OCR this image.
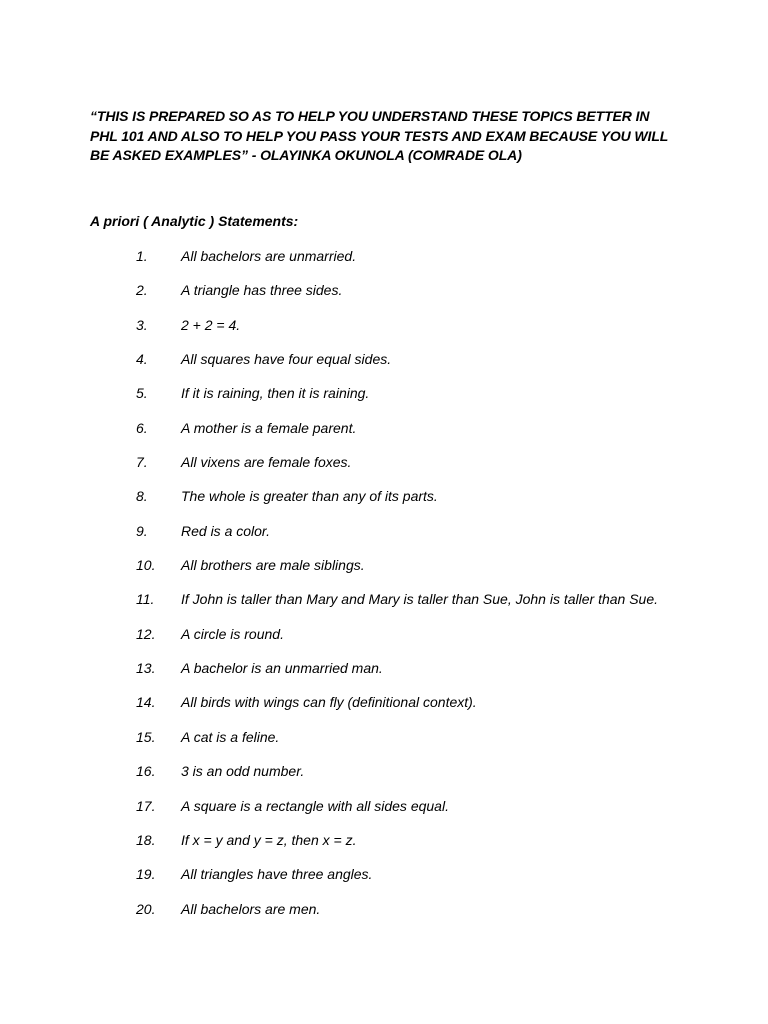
“THIS IS PREPARED SO AS TO HELP YOU UNDERSTAND THESE TOPICS BETTER IN
PHL 101 AND ALSO TO HELP YOU PASS YOUR TESTS AND EXAM BECAUSE YOU WILL
BE ASKED EXAMPLES” - OLAYINKA OKUNOLA (COMRADE OLA)
A priori ( Analytic ) Statements:
1. All bachelors are unmarried.
2. A triangle has three sides.
3. 2 + 2 = 4.
4. All squares have four equal sides.
5. If it is raining, then it is raining.
6. A mother is a female parent.
7. All vixens are female foxes.
8. The whole is greater than any of its parts.
9. Red is a color.
10. All brothers are male siblings.
11. If John is taller than Mary and Mary is taller than Sue, John is taller than Sue.
12. A circle is round.
13. A bachelor is an unmarried man.
14. All birds with wings can fly (definitional context).
15. A cat is a feline.
16. 3 is an odd number.
17. A square is a rectangle with all sides equal.
18. If x = y and y = z, then x = z.
19. All triangles have three angles.
20. All bachelors are men.
